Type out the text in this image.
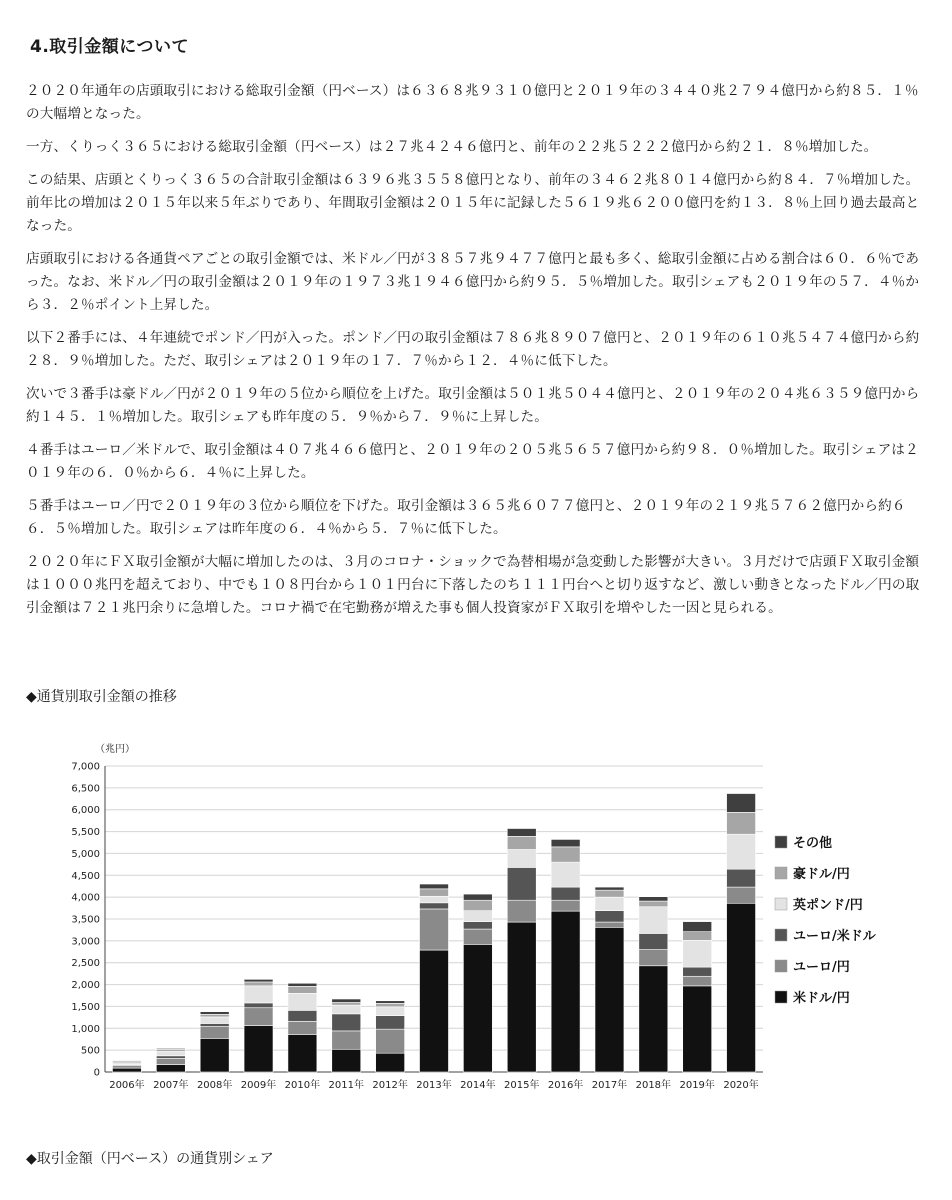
4.取引金額について

２０２０年通年の店頭取引における総取引金額（円ベース）は６３６８兆９３１０億円と２０１９年の３４４０兆２７９４億円から約８５．１％の大幅増となった。

一方、くりっく３６５における総取引金額（円ベース）は２７兆４２４６億円と、前年の２２兆５２２２億円から約２１．８％増加した。

この結果、店頭とくりっく３６５の合計取引金額は６３９６兆３５５８億円となり、前年の３４６２兆８０１４億円から約８４．７％増加した。前年比の増加は２０１５年以来５年ぶりであり、年間取引金額は２０１５年に記録した５６１９兆６２００億円を約１３．８％上回り過去最高となった。

店頭取引における各通貨ペアごとの取引金額では、米ドル／円が３８５７兆９４７７億円と最も多く、総取引金額に占める割合は６０．６％であった。なお、米ドル／円の取引金額は２０１９年の１９７３兆１９４６億円から約９５．５％増加した。取引シェアも２０１９年の５７．４％から３．２％ポイント上昇した。

以下２番手には、４年連続でポンド／円が入った。ポンド／円の取引金額は７８６兆８９０７億円と、２０１９年の６１０兆５４７４億円から約２８．９％増加した。ただ、取引シェアは２０１９年の１７．７％から１２．４％に低下した。

次いで３番手は豪ドル／円が２０１９年の５位から順位を上げた。取引金額は５０１兆５０４４億円と、２０１９年の２０４兆６３５９億円から約１４５．１％増加した。取引シェアも昨年度の５．９％から７．９％に上昇した。

４番手はユーロ／米ドルで、取引金額は４０７兆４６６億円と、２０１９年の２０５兆５６５７億円から約９８．０％増加した。取引シェアは２０１９年の６．０％から６．４％に上昇した。

５番手はユーロ／円で２０１９年の３位から順位を下げた。取引金額は３６５兆６０７７億円と、２０１９年の２１９兆５７６２億円から約６６．５％増加した。取引シェアは昨年度の６．４％から５．７％に低下した。

２０２０年にＦＸ取引金額が大幅に増加したのは、３月のコロナ・ショックで為替相場が急変動した影響が大きい。３月だけで店頭ＦＸ取引金額は１０００兆円を超えており、中でも１０８円台から１０１円台に下落したのち１１１円台へと切り返すなど、激しい動きとなったドル／円の取引金額は７２１兆円余りに急増した。コロナ禍で在宅勤務が増えた事も個人投資家がＦＸ取引を増やした一因と見られる。

◆通貨別取引金額の推移

（兆円）
0
500
1,000
1,500
2,000
2,500
3,000
3,500
4,000
4,500
5,000
5,500
6,000
6,500
7,000
2006年 2007年 2008年 2009年 2010年 2011年 2012年 2013年 2014年 2015年 2016年 2017年 2018年 2019年 2020年
その他
豪ドル/円
英ポンド/円
ユーロ/米ドル
ユーロ/円
米ドル/円

◆取引金額（円ベース）の通貨別シェア
